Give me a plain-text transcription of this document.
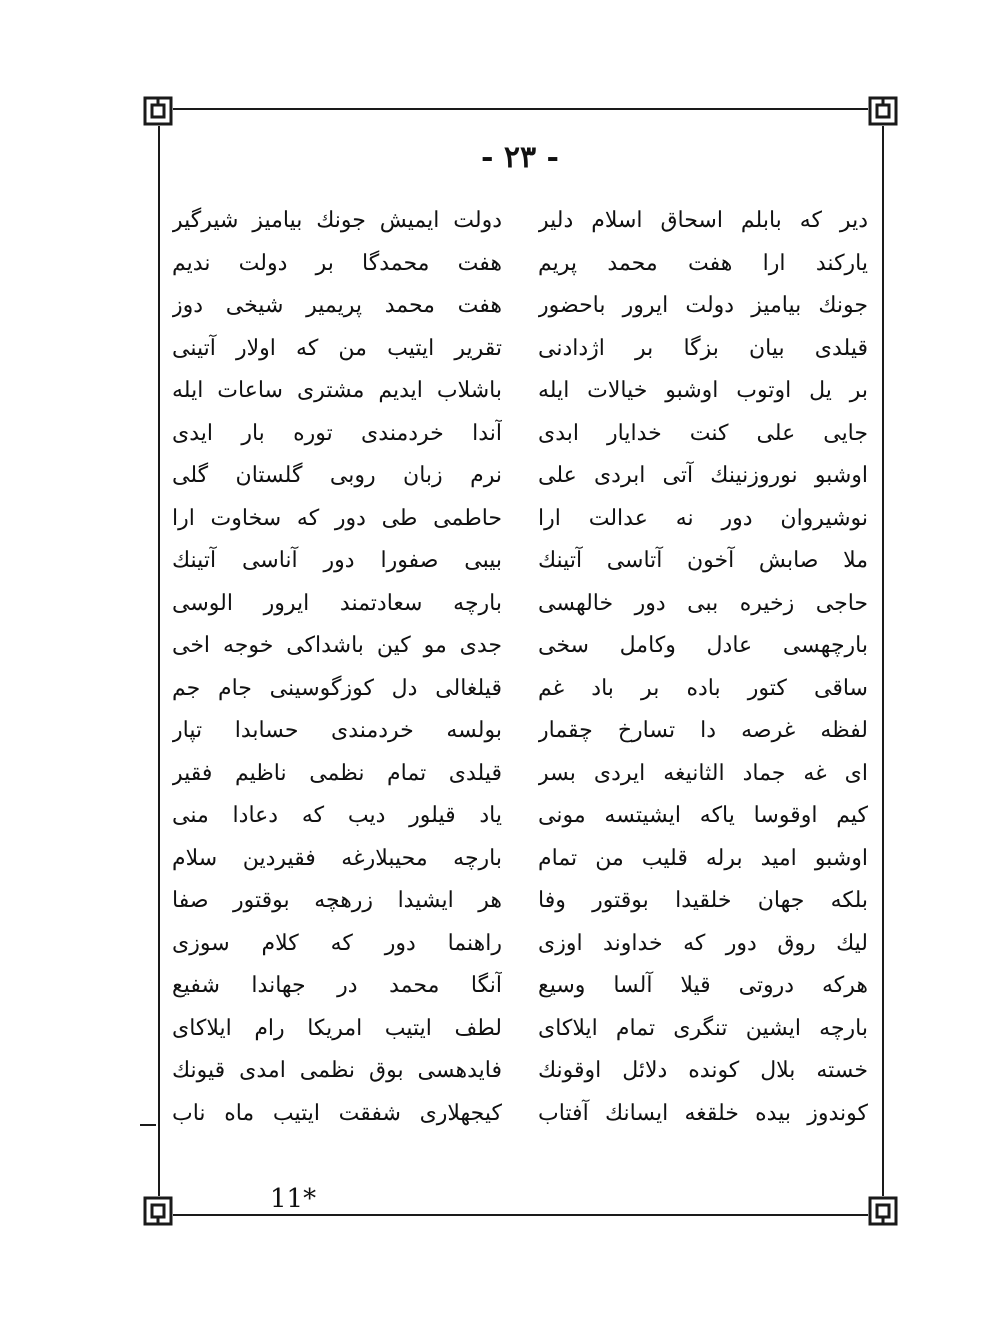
- ۲۳ -
دیر که بابلم اسحاق اسلام دلیر
یارکند ارا هفت محمد پریم
جونك بیامیز دولت ایرور باحضور
قیلدی بیان بزگا بر اژدادنی
بر یل اوتوب اوشبو خیالات ایله
جایی علی کنت خدایار ابدی
اوشبو نوروزنینك آتی ابردی علی
نوشیروان دور نه عدالت ارا
ملا صابش آخون آتاسی آتینك
حاجی زخیره ببی دور خالهسی
بارچهسی عادل وکامل سخی
ساقی کتور باده بر باد غم
لفظه غرصه دا تسارخ چقمار
ای غه جماد الثانیغه ایردی بسر
کیم اوقوسا یاکه ایشیتسه مونی
اوشبو امید برله قلیب من تمام
بلکه جهان خلقیدا بوقتور وفا
لیك روق دور که خداوند اوزی
هرکه دروتی قیلا آلسا وسیع
بارچه ایشین تنگری تمام ایلاکای
خسته بلال کونده دلائل اوقونك
کوندوز بیده خلقغه ایسانك آفتاب
دولت ایمیش جونك بیامیز شیرگیر
هفت محمدگا بر دولت ندیم
هفت محمد پریمیر شیخی دوز
تقریر ایتیب من که اولار آتینی
باشلاب ایدیم مشتری ساعات ایله
آندا خردمندی توره بار ایدی
نرم زبان روبی گلستان گلی
حاطمی طی دور که سخاوت ارا
بیبی صفورا دور آناسی آتینك
بارچه سعادتمند ایرور الوسی
جدی مو کین باشداکی خوجه اخی
قیلغالی دل کوزگوسینی جام جم
بولسه خردمندی حسابدا تپار
قیلدی تمام نظمی ناظیم فقیر
یاد قیلور دیب که دعادا منی
بارچه محیبلارغه فقیردین سلام
هر ایشیدا زرهچه بوقتور صفا
راهنما دور که کلام سوزی
آنگا محمد در جهاندا شفیع
لطف ایتیب امریکا رام ایلاکای
فایدهسی بوق نظمی امدی قیونك
کیجهلاری شفقت ایتیب ماه ناب
11*
